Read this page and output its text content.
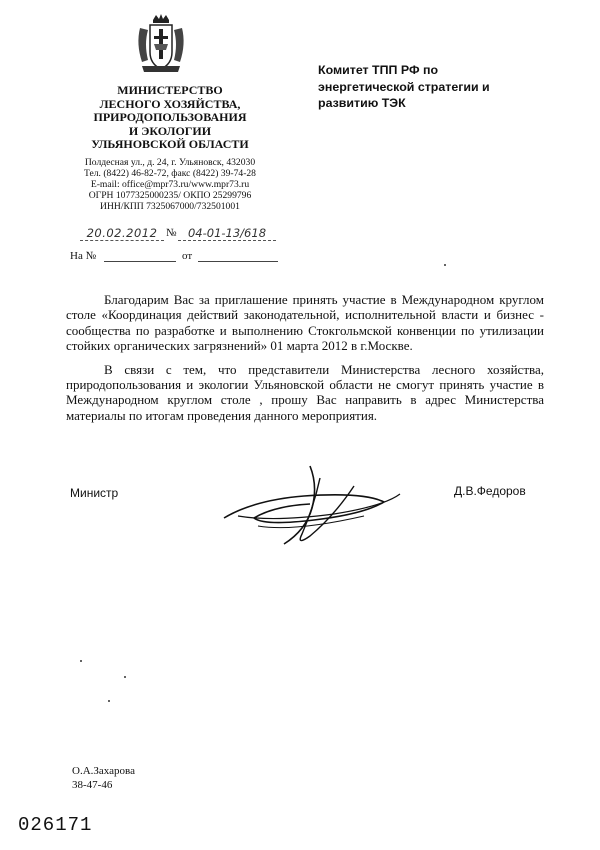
МИНИСТЕРСТВО
ЛЕСНОГО ХОЗЯЙСТВА,
ПРИРОДОПОЛЬЗОВАНИЯ
И ЭКОЛОГИИ
УЛЬЯНОВСКОЙ ОБЛАСТИ
Полдеcная ул., д. 24, г. Ульяновск, 432030
Тел. (8422) 46-82-72, факс (8422) 39-74-28
E-mail: office@mpr73.ru/www.mpr73.ru
ОГРН 1077325000235/ ОКПО 25299796
ИНН/КПП 7325067000/732501001
20.02.2012 № 04-01-13/618
На №	от
Комитет ТПП РФ по
энергетической стратегии и
развитию ТЭК

Благодарим Вас за приглашение принять участие в Международном круглом столе «Координация действий законодательной, исполнительной власти и бизнес - сообщества по разработке и выполнению Стокгольмской конвенции по утилизации стойких органических загрязнений» 01 марта 2012 в г.Москве.

В связи с тем, что представители Министерства лесного хозяйства, природопользования и экологии Ульяновской области не смогут принять участие в Международном круглом столе , прошу Вас направить в адрес Министерства материалы по итогам проведения данного мероприятия.

Министр	Д.В.Федоров
О.А.Захарова
38-47-46
026171
